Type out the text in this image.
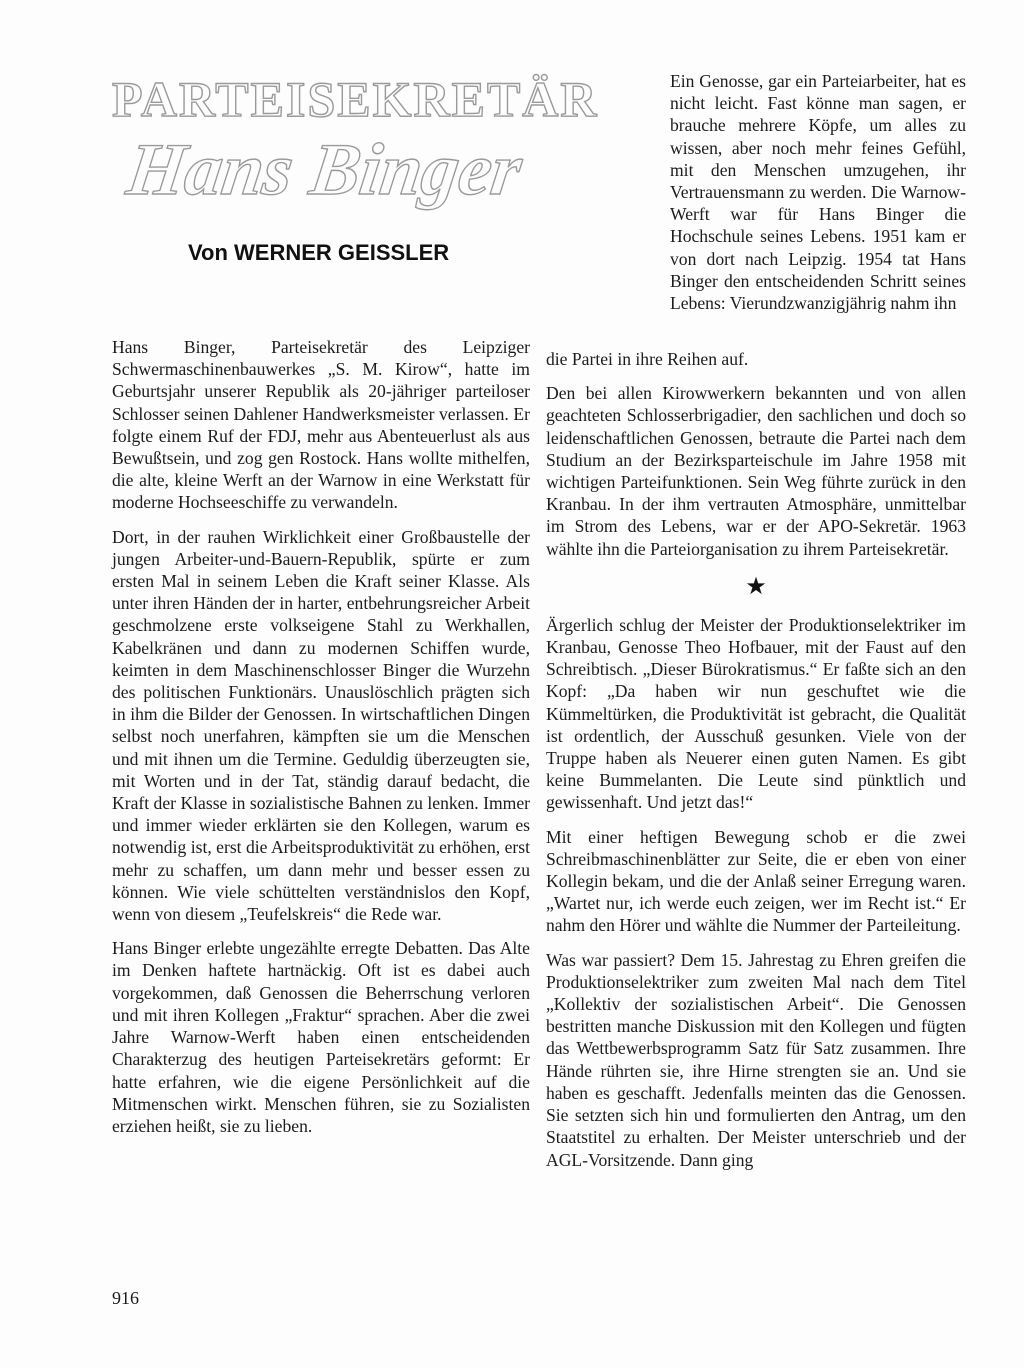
PARTEISEKRETÄR
Hans Binger
Von WERNER GEISSLER

Ein Genosse, gar ein Parteiarbeiter, hat es nicht leicht. Fast könne man sagen, er brauche mehrere Köpfe, um alles zu wissen, aber noch mehr feines Gefühl, mit den Menschen umzugehen, ihr Vertrauensmann zu werden. Die Warnow-Werft war für Hans Binger die Hochschule seines Lebens. 1951 kam er von dort nach Leipzig. 1954 tat Hans Binger den entscheidenden Schritt seines Lebens: Vierundzwanzigjährig nahm ihn

Hans Binger, Parteisekretär des Leipziger Schwermaschinenbauwerkes „S. M. Kirow“, hatte im Geburtsjahr unserer Republik als 20-jähriger parteiloser Schlosser seinen Dahlener Handwerksmeister verlassen. Er folgte einem Ruf der FDJ, mehr aus Abenteuerlust als aus Bewußtsein, und zog gen Rostock. Hans wollte mithelfen, die alte, kleine Werft an der Warnow in eine Werkstatt für moderne Hochseeschiffe zu verwandeln.

Dort, in der rauhen Wirklichkeit einer Großbaustelle der jungen Arbeiter-und-Bauern-Republik, spürte er zum ersten Mal in seinem Leben die Kraft seiner Klasse. Als unter ihren Händen der in harter, entbehrungsreicher Arbeit geschmolzene erste volkseigene Stahl zu Werkhallen, Kabelkränen und dann zu modernen Schiffen wurde, keimten in dem Maschinenschlosser Binger die Wurzehn des politischen Funktionärs. Unauslöschlich prägten sich in ihm die Bilder der Genossen. In wirtschaftlichen Dingen selbst noch unerfahren, kämpften sie um die Menschen und mit ihnen um die Termine. Geduldig überzeugten sie, mit Worten und in der Tat, ständig darauf bedacht, die Kraft der Klasse in sozialistische Bahnen zu lenken. Immer und immer wieder erklärten sie den Kollegen, warum es notwendig ist, erst die Arbeitsproduktivität zu erhöhen, erst mehr zu schaffen, um dann mehr und besser essen zu können. Wie viele schüttelten verständnislos den Kopf, wenn von diesem „Teufelskreis“ die Rede war.

Hans Binger erlebte ungezählte erregte Debatten. Das Alte im Denken haftete hartnäckig. Oft ist es dabei auch vorgekommen, daß Genossen die Beherrschung verloren und mit ihren Kollegen „Fraktur“ sprachen. Aber die zwei Jahre Warnow-Werft haben einen entscheidenden Charakterzug des heutigen Parteisekretärs geformt: Er hatte erfahren, wie die eigene Persönlichkeit auf die Mitmenschen wirkt. Menschen führen, sie zu Sozialisten erziehen heißt, sie zu lieben.

die Partei in ihre Reihen auf.

Den bei allen Kirowwerkern bekannten und von allen geachteten Schlosserbrigadier, den sachlichen und doch so leidenschaftlichen Genossen, betraute die Partei nach dem Studium an der Bezirksparteischule im Jahre 1958 mit wichtigen Parteifunktionen. Sein Weg führte zurück in den Kranbau. In der ihm vertrauten Atmosphäre, unmittelbar im Strom des Lebens, war er der APO-Sekretär. 1963 wählte ihn die Parteiorganisation zu ihrem Parteisekretär.

★

Ärgerlich schlug der Meister der Produktionselektriker im Kranbau, Genosse Theo Hofbauer, mit der Faust auf den Schreibtisch. „Dieser Bürokratismus.“ Er faßte sich an den Kopf: „Da haben wir nun geschuftet wie die Kümmeltürken, die Produktivität ist gebracht, die Qualität ist ordentlich, der Ausschuß gesunken. Viele von der Truppe haben als Neuerer einen guten Namen. Es gibt keine Bummelanten. Die Leute sind pünktlich und gewissenhaft. Und jetzt das!“

Mit einer heftigen Bewegung schob er die zwei Schreibmaschinenblätter zur Seite, die er eben von einer Kollegin bekam, und die der Anlaß seiner Erregung waren. „Wartet nur, ich werde euch zeigen, wer im Recht ist.“ Er nahm den Hörer und wählte die Nummer der Parteileitung.

Was war passiert? Dem 15. Jahrestag zu Ehren greifen die Produktionselektriker zum zweiten Mal nach dem Titel „Kollektiv der sozialistischen Arbeit“. Die Genossen bestritten manche Diskussion mit den Kollegen und fügten das Wettbewerbsprogramm Satz für Satz zusammen. Ihre Hände rührten sie, ihre Hirne strengten sie an. Und sie haben es geschafft. Jedenfalls meinten das die Genossen. Sie setzten sich hin und formulierten den Antrag, um den Staatstitel zu erhalten. Der Meister unterschrieb und der AGL-Vorsitzende. Dann ging

916
